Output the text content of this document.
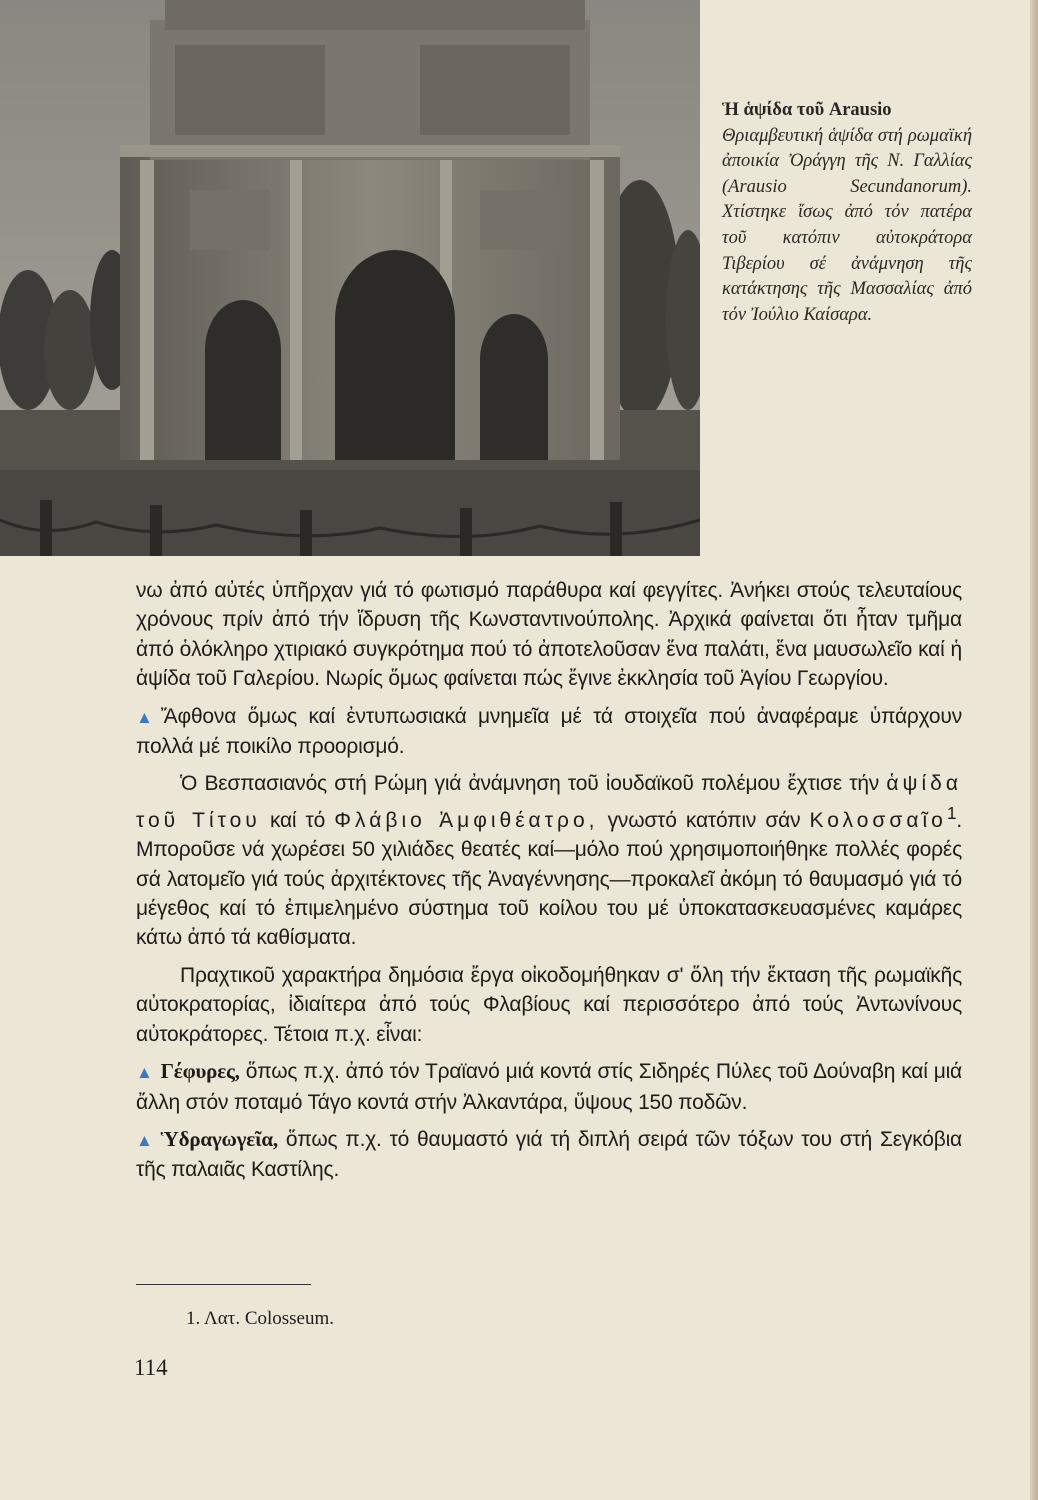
Ἡ ἁψίδα τοῦ Arausio
Θριαμβευτική ἁψίδα στή ρωμαϊκή ἀποικία Ὀράγγη τῆς Ν. Γαλλίας (Arausio Secundanorum). Χτίστηκε ἴσως ἀπό τόν πατέρα τοῦ κατόπιν αὐτοκράτορα Τιβερίου σέ ἀνάμνηση τῆς κατάκτησης τῆς Μασσαλίας ἀπό τόν Ἰούλιο Καίσαρα.

νω ἀπό αὐτές ὑπῆρχαν γιά τό φωτισμό παράθυρα καί φεγγίτες. Ἀνήκει στούς τελευταίους χρόνους πρίν ἀπό τήν ἵδρυση τῆς Κωνσταντινούπολης. Ἀρχικά φαίνεται ὅτι ἦταν τμῆμα ἀπό ὁλόκληρο χτιριακό συγκρότημα πού τό ἀποτελοῦσαν ἕνα παλάτι, ἕνα μαυσωλεῖο καί ἡ ἁψίδα τοῦ Γαλερίου. Νωρίς ὅμως φαίνεται πώς ἔγινε ἐκκλησία τοῦ Ἁγίου Γεωργίου.

▲ Ἄφθονα ὅμως καί ἐντυπωσιακά μνημεῖα μέ τά στοιχεῖα πού ἀναφέραμε ὑπάρχουν πολλά μέ ποικίλο προορισμό.

Ὁ Βεσπασιανός στή Ρώμη γιά ἀνάμνηση τοῦ ἰουδαϊκοῦ πολέμου ἔχτισε τήν ἁψίδα τοῦ Τίτου καί τό Φλάβιο Ἀμφιθέατρο, γνωστό κατόπιν σάν Κολοσσαῖο$^1$. Μποροῦσε νά χωρέσει 50 χιλιάδες θεατές καί—μόλο πού χρησιμοποιήθηκε πολλές φορές σά λατομεῖο γιά τούς ἀρχιτέκτονες τῆς Ἀναγέννησης—προκαλεῖ ἀκόμη τό θαυμασμό γιά τό μέγεθος καί τό ἐπιμελημένο σύστημα τοῦ κοίλου του μέ ὑποκατασκευασμένες καμάρες κάτω ἀπό τά καθίσματα.

Πραχτικοῦ χαρακτήρα δημόσια ἔργα οἰκοδομήθηκαν σ' ὅλη τήν ἔκταση τῆς ρωμαϊκῆς αὐτοκρατορίας, ἰδιαίτερα ἀπό τούς Φλαβίους καί περισσότερο ἀπό τούς Ἀντωνίνους αὐτοκράτορες. Τέτοια π.χ. εἶναι:

▲ Γέφυρες, ὅπως π.χ. ἀπό τόν Τραϊανό μιά κοντά στίς Σιδηρές Πύλες τοῦ Δούναβη καί μιά ἄλλη στόν ποταμό Τάγο κοντά στήν Ἀλκαντάρα, ὕψους 150 ποδῶν.

▲ Ὑδραγωγεῖα, ὅπως π.χ. τό θαυμαστό γιά τή διπλή σειρά τῶν τόξων του στή Σεγκόβια τῆς παλαιᾶς Καστίλης.

1. Λατ. Colosseum.
114
